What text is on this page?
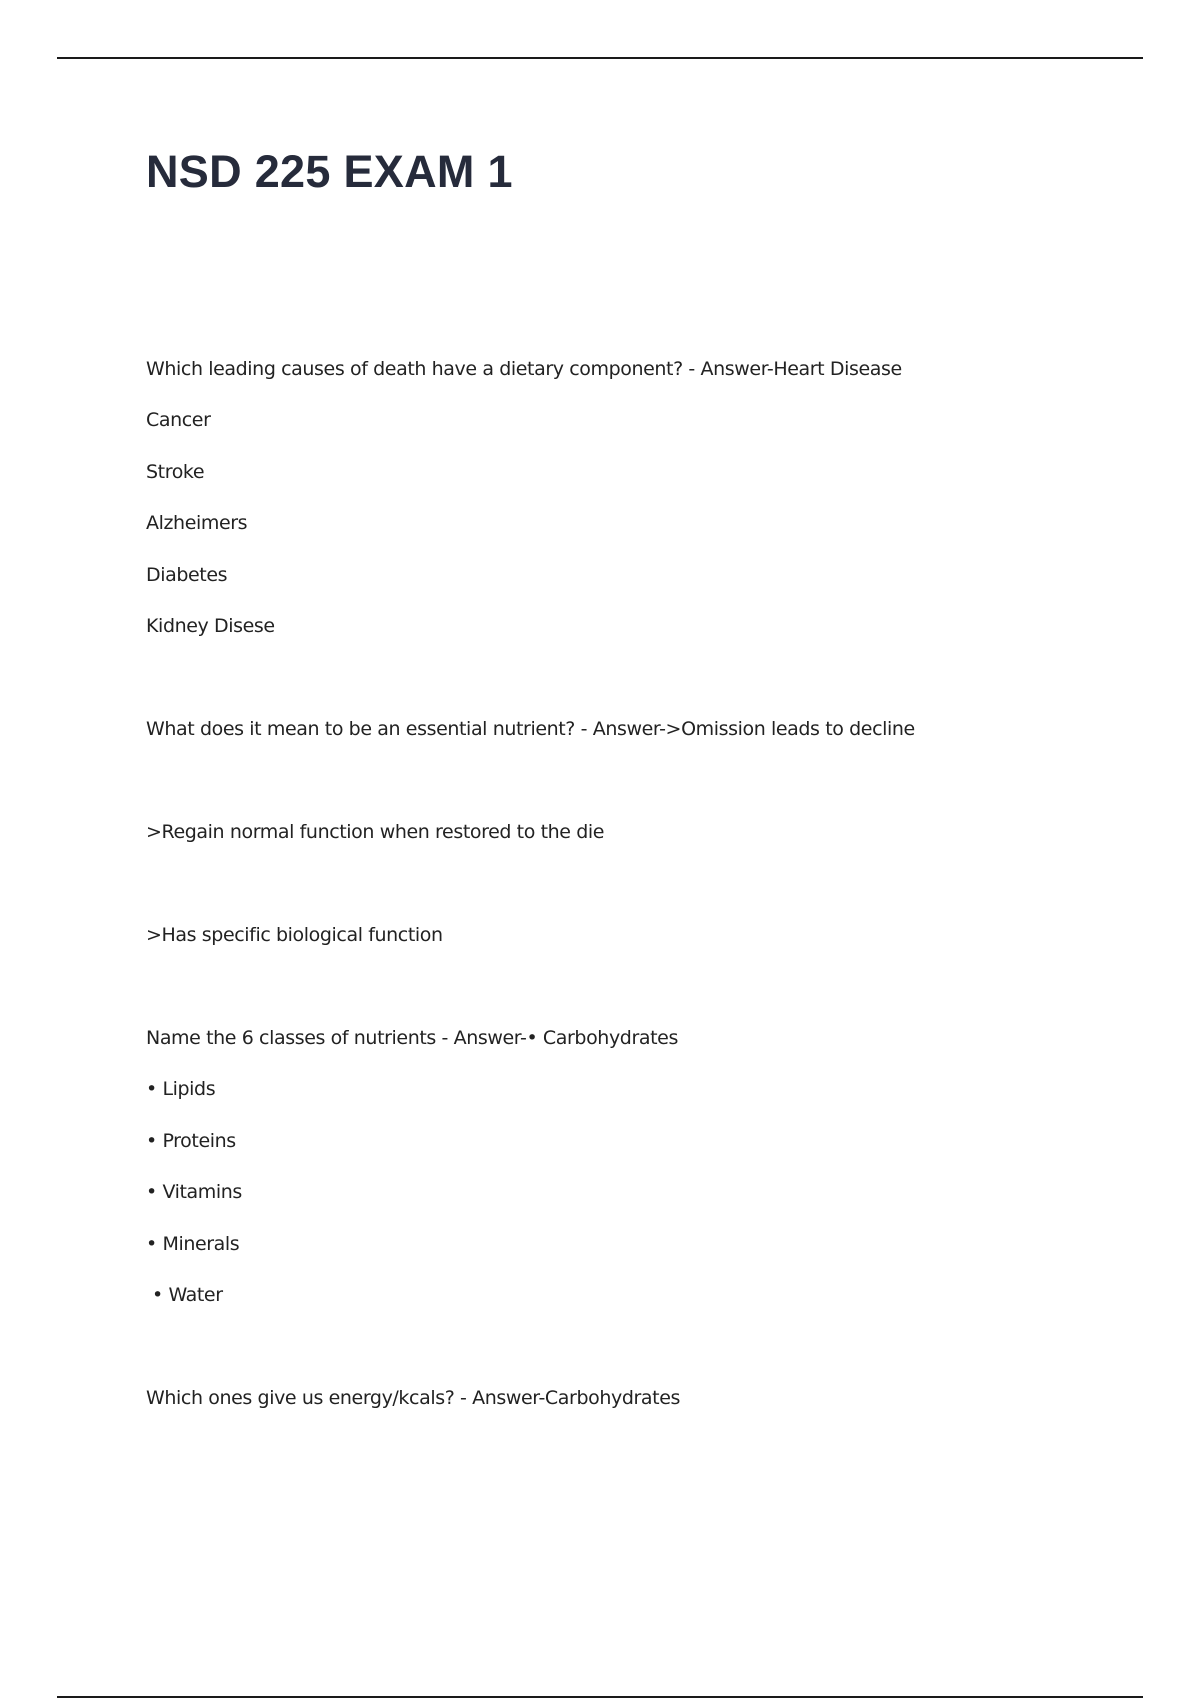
NSD 225 EXAM 1
Which leading causes of death have a dietary component? - Answer-Heart Disease
Cancer
Stroke
Alzheimers
Diabetes
Kidney Disese
What does it mean to be an essential nutrient? - Answer->Omission leads to decline
>Regain normal function when restored to the die
>Has specific biological function
Name the 6 classes of nutrients - Answer-• Carbohydrates
• Lipids
• Proteins
• Vitamins
• Minerals
• Water
Which ones give us energy/kcals? - Answer-Carbohydrates
